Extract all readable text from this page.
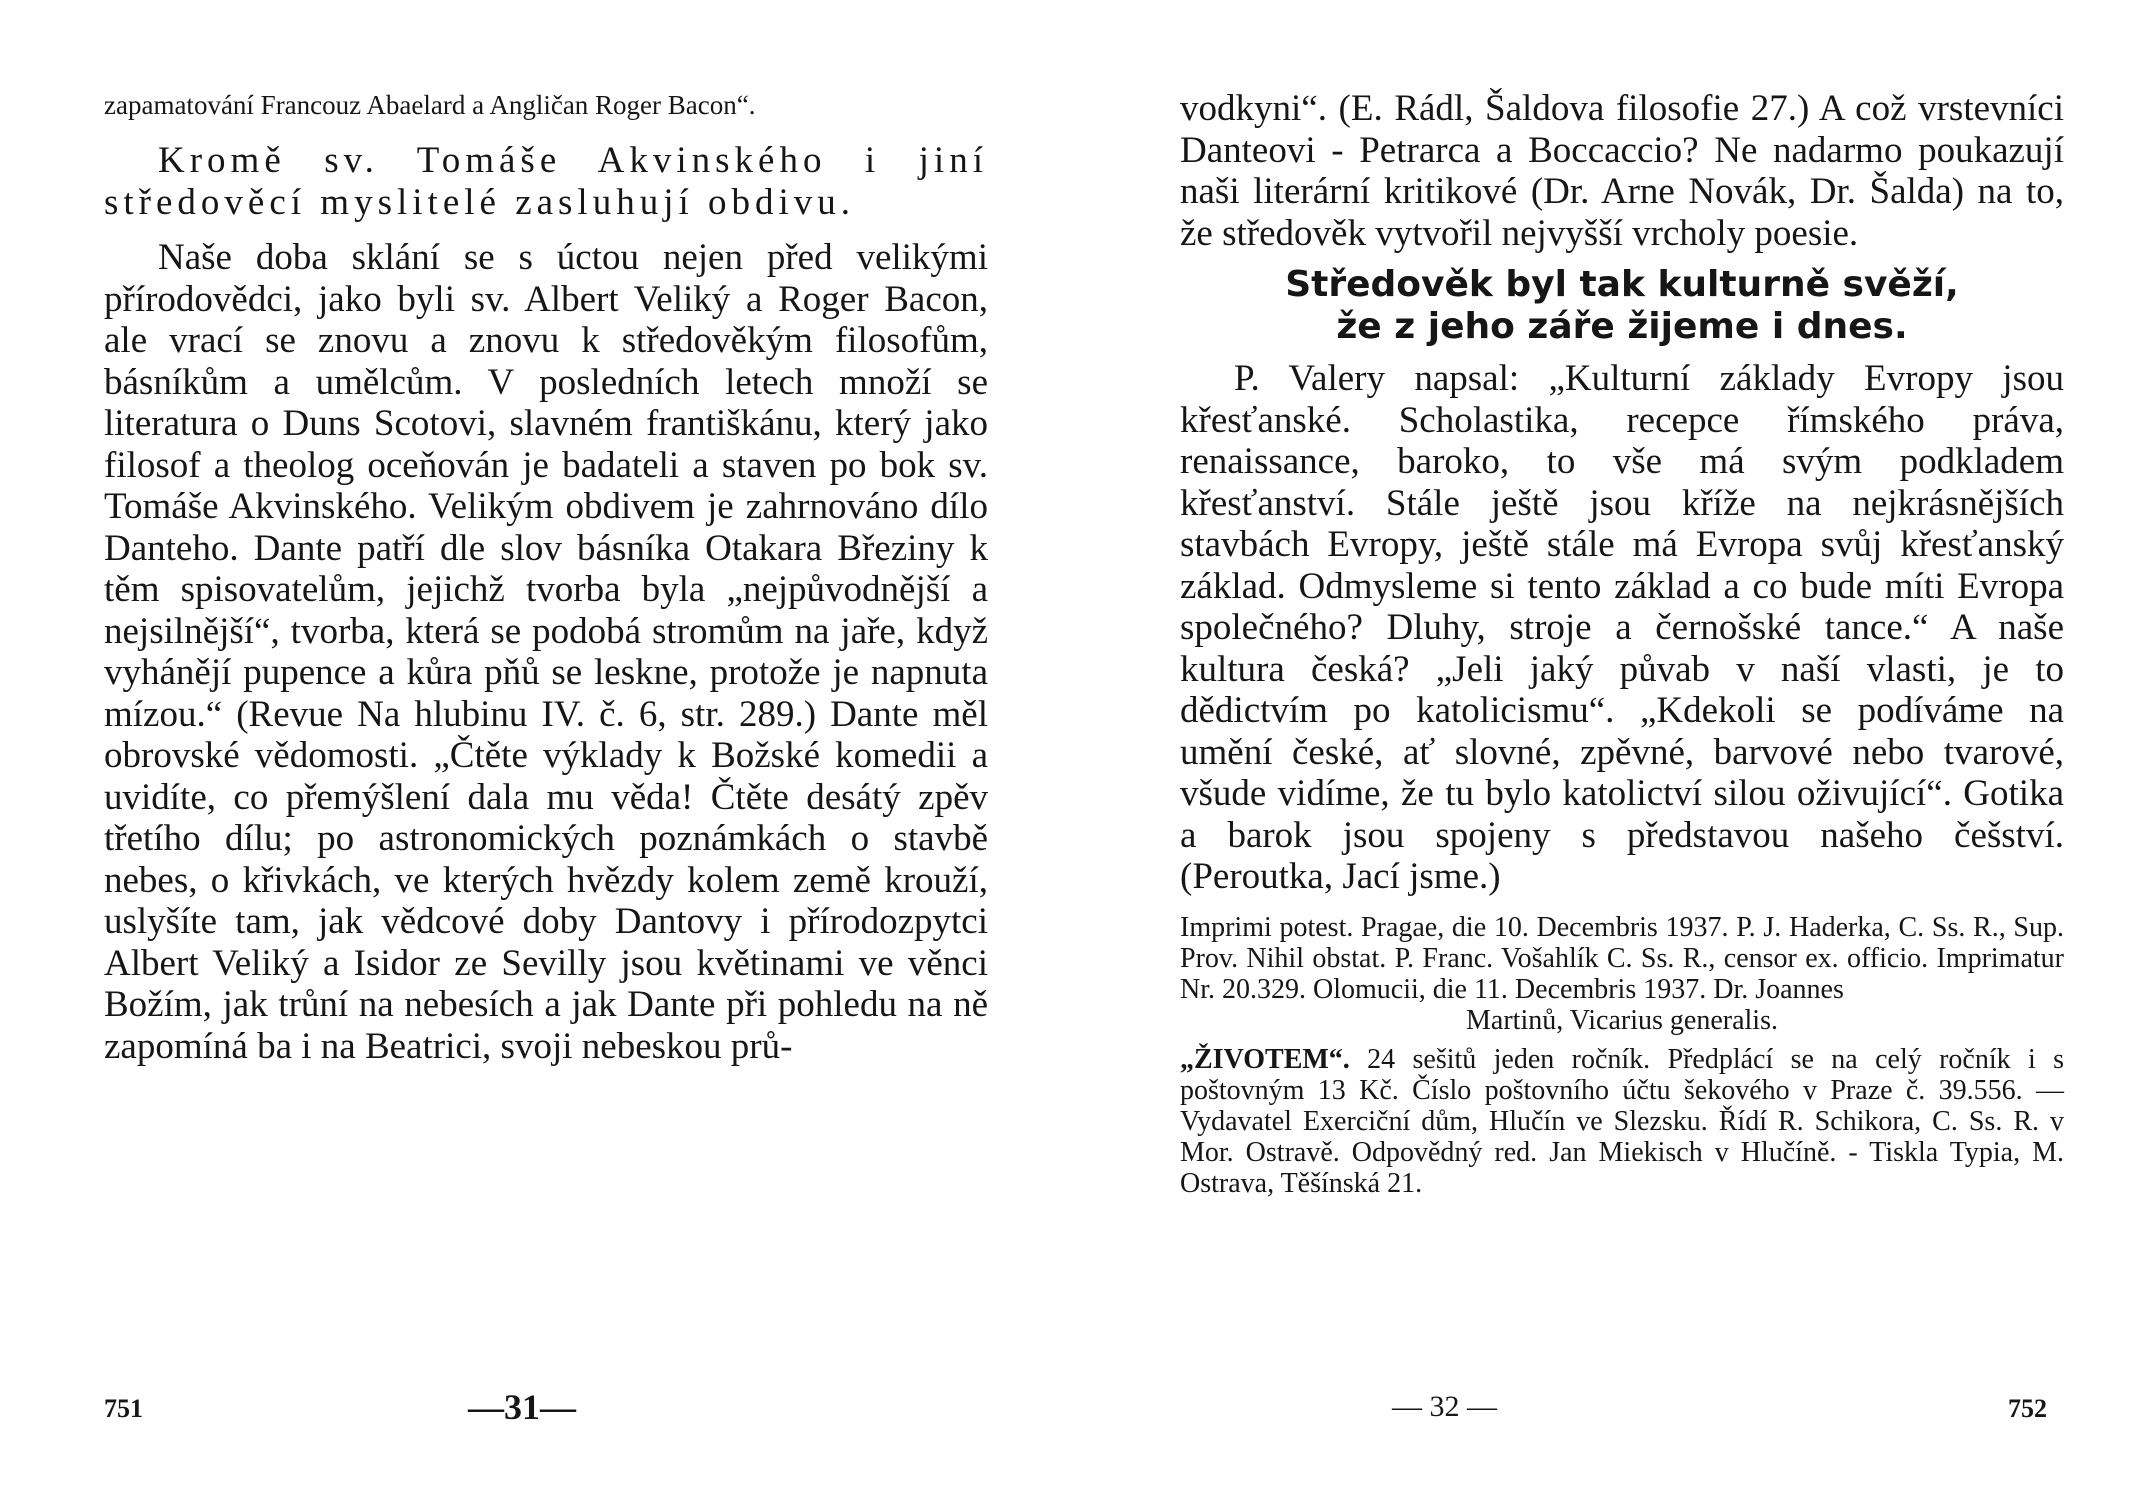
zapamatování Francouz Abaelard a Angličan Roger Bacon“.

Kromě sv. Tomáše Akvinského i jiní středověcí myslitelé zasluhují obdivu.

Naše doba sklání se s úctou nejen před velikými přírodovědci, jako byli sv. Albert Veliký a Roger Bacon, ale vrací se znovu a znovu k středověkým filosofům, básníkům a umělcům. V posledních letech množí se literatura o Duns Scotovi, slavném františkánu, který jako filosof a theolog oceňován je badateli a staven po bok sv. Tomáše Akvinského. Velikým obdivem je zahrnováno dílo Danteho. Dante patří dle slov básníka Otakara Březiny k těm spisovatelům, jejichž tvorba byla „nejpůvodnější a nejsilnější“, tvorba, která se podobá stromům na jaře, když vyhánějí pupence a kůra pňů se leskne, protože je napnuta mízou.“ (Revue Na hlubinu IV. č. 6, str. 289.) Dante měl obrovské vědomosti. „Čtěte výklady k Božské komedii a uvidíte, co přemýšlení dala mu věda! Čtěte desátý zpěv třetího dílu; po astronomických poznámkách o stavbě nebes, o křivkách, ve kterých hvězdy kolem země krouží, uslyšíte tam, jak vědcové doby Dantovy i přírodozpytci Albert Veliký a Isidor ze Sevilly jsou květinami ve věnci Božím, jak trůní na nebesích a jak Dante při pohledu na ně zapomíná ba i na Beatrici, svoji nebeskou prů-

751	—31—

vodkyni“. (E. Rádl, Šaldova filosofie 27.) A což vrstevníci Danteovi - Petrarca a Boccaccio? Ne nadarmo poukazují naši literární kritikové (Dr. Arne Novák, Dr. Šalda) na to, že středověk vytvořil nejvyšší vrcholy poesie.

Středověk byl tak kulturně svěží,
že z jeho záře žijeme i dnes.

P. Valery napsal: „Kulturní základy Evropy jsou křesťanské. Scholastika, recepce římského práva, renaissance, baroko, to vše má svým podkladem křesťanství. Stále ještě jsou kříže na nejkrásnějších stavbách Evropy, ještě stále má Evropa svůj křesťanský základ. Odmysleme si tento základ a co bude míti Evropa společného? Dluhy, stroje a černošské tance.“ A naše kultura česká? „Jeli jaký půvab v naší vlasti, je to dědictvím po katolicismu“. „Kdekoli se podíváme na umění české, ať slovné, zpěvné, barvové nebo tvarové, všude vidíme, že tu bylo katolictví silou oživující“. Gotika a barok jsou spojeny s představou našeho češství. (Peroutka, Jací jsme.)

Imprimi potest. Pragae, die 10. Decembris 1937. P. J. Haderka, C. Ss. R., Sup. Prov. Nihil obstat. P. Franc. Vošahlík C. Ss. R., censor ex. officio. Imprimatur Nr. 20.329. Olomucii, die 11. Decembris 1937. Dr. Joannes

Martinů, Vicarius generalis.

„ŽIVOTEM“. 24 sešitů jeden ročník. Předplácí se na celý ročník i s poštovným 13 Kč. Číslo poštovního účtu šekového v Praze č. 39.556. — Vydavatel Exerciční dům, Hlučín ve Slezsku. Řídí R. Schikora, C. Ss. R. v Mor. Ostravě. Odpovědný red. Jan Miekisch v Hlučíně. - Tiskla Typia, M. Ostrava, Těšínská 21.

— 32 —	752
